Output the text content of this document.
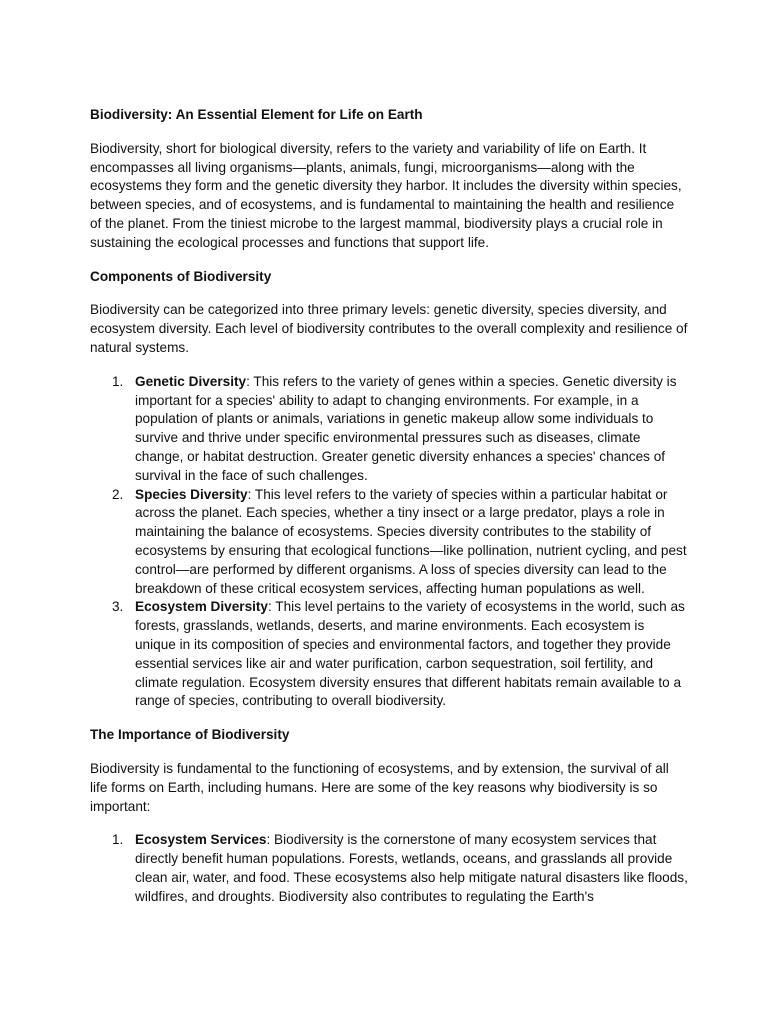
Biodiversity: An Essential Element for Life on Earth

Biodiversity, short for biological diversity, refers to the variety and variability of life on Earth. It encompasses all living organisms—plants, animals, fungi, microorganisms—along with the ecosystems they form and the genetic diversity they harbor. It includes the diversity within species, between species, and of ecosystems, and is fundamental to maintaining the health and resilience of the planet. From the tiniest microbe to the largest mammal, biodiversity plays a crucial role in sustaining the ecological processes and functions that support life.

Components of Biodiversity

Biodiversity can be categorized into three primary levels: genetic diversity, species diversity, and ecosystem diversity. Each level of biodiversity contributes to the overall complexity and resilience of natural systems.

1. Genetic Diversity: This refers to the variety of genes within a species. Genetic diversity is important for a species' ability to adapt to changing environments. For example, in a population of plants or animals, variations in genetic makeup allow some individuals to survive and thrive under specific environmental pressures such as diseases, climate change, or habitat destruction. Greater genetic diversity enhances a species' chances of survival in the face of such challenges.
2. Species Diversity: This level refers to the variety of species within a particular habitat or across the planet. Each species, whether a tiny insect or a large predator, plays a role in maintaining the balance of ecosystems. Species diversity contributes to the stability of ecosystems by ensuring that ecological functions—like pollination, nutrient cycling, and pest control—are performed by different organisms. A loss of species diversity can lead to the breakdown of these critical ecosystem services, affecting human populations as well.
3. Ecosystem Diversity: This level pertains to the variety of ecosystems in the world, such as forests, grasslands, wetlands, deserts, and marine environments. Each ecosystem is unique in its composition of species and environmental factors, and together they provide essential services like air and water purification, carbon sequestration, soil fertility, and climate regulation. Ecosystem diversity ensures that different habitats remain available to a range of species, contributing to overall biodiversity.
The Importance of Biodiversity

Biodiversity is fundamental to the functioning of ecosystems, and by extension, the survival of all life forms on Earth, including humans. Here are some of the key reasons why biodiversity is so important:

1. Ecosystem Services: Biodiversity is the cornerstone of many ecosystem services that directly benefit human populations. Forests, wetlands, oceans, and grasslands all provide clean air, water, and food. These ecosystems also help mitigate natural disasters like floods, wildfires, and droughts. Biodiversity also contributes to regulating the Earth's
